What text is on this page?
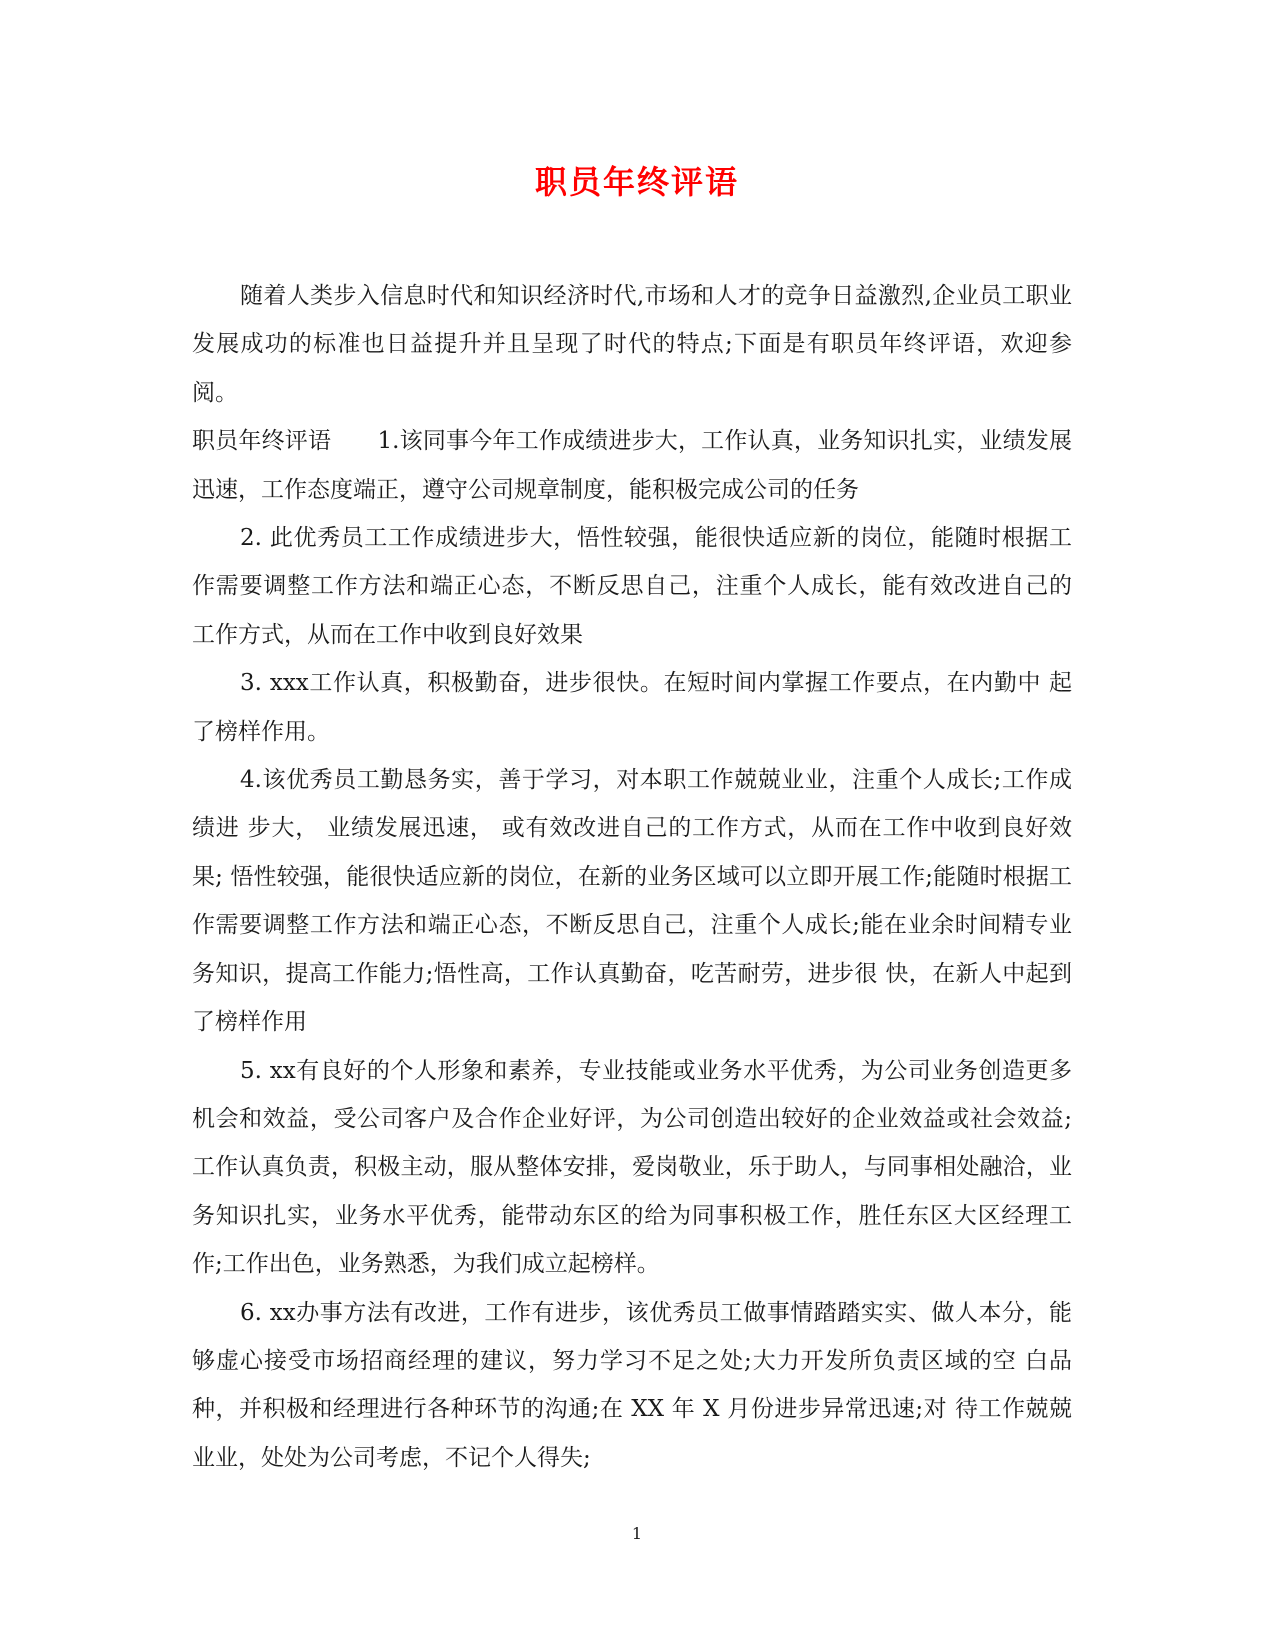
职员年终评语

随着人类步入信息时代和知识经济时代,市场和人才的竞争日益激烈,企业员工职业发展成功的标准也日益提升并且呈现了时代的特点;下面是有职员年终评语，欢迎参阅。

职员年终评语　　1.该同事今年工作成绩进步大，工作认真，业务知识扎实，业绩发展迅速，工作态度端正，遵守公司规章制度，能积极完成公司的任务

2. 此优秀员工工作成绩进步大，悟性较强，能很快适应新的岗位，能随时根据工作需要调整工作方法和端正心态，不断反思自己，注重个人成长，能有效改进自己的 工作方式，从而在工作中收到良好效果

3. xxx工作认真，积极勤奋，进步很快。在短时间内掌握工作要点，在内勤中 起了榜样作用。

4.该优秀员工勤恳务实，善于学习，对本职工作兢兢业业，注重个人成长;工作成绩进 步大， 业绩发展迅速， 或有效改进自己的工作方式，从而在工作中收到良好效果; 悟性较强，能很快适应新的岗位，在新的业务区域可以立即开展工作;能随时根据工作需要调整工作方法和端正心态，不断反思自己，注重个人成长;能在业余时间精专业务知识，提高工作能力;悟性高，工作认真勤奋，吃苦耐劳，进步很 快，在新人中起到了榜样作用

5. xx有良好的个人形象和素养，专业技能或业务水平优秀，为公司业务创造更多机会和效益，受公司客户及合作企业好评，为公司创造出较好的企业效益或社会效益;工作认真负责，积极主动，服从整体安排，爱岗敬业，乐于助人，与同事相处融洽，业务知识扎实，业务水平优秀，能带动东区的给为同事积极工作，胜任东区大区经理工作;工作出色，业务熟悉，为我们成立起榜样。

6. xx办事方法有改进，工作有进步，该优秀员工做事情踏踏实实、做人本分，能够虚心接受市场招商经理的建议，努力学习不足之处;大力开发所负责区域的空 白品种，并积极和经理进行各种环节的沟通;在 XX 年 X 月份进步异常迅速;对 待工作兢兢业业，处处为公司考虑，不记个人得失;

1
